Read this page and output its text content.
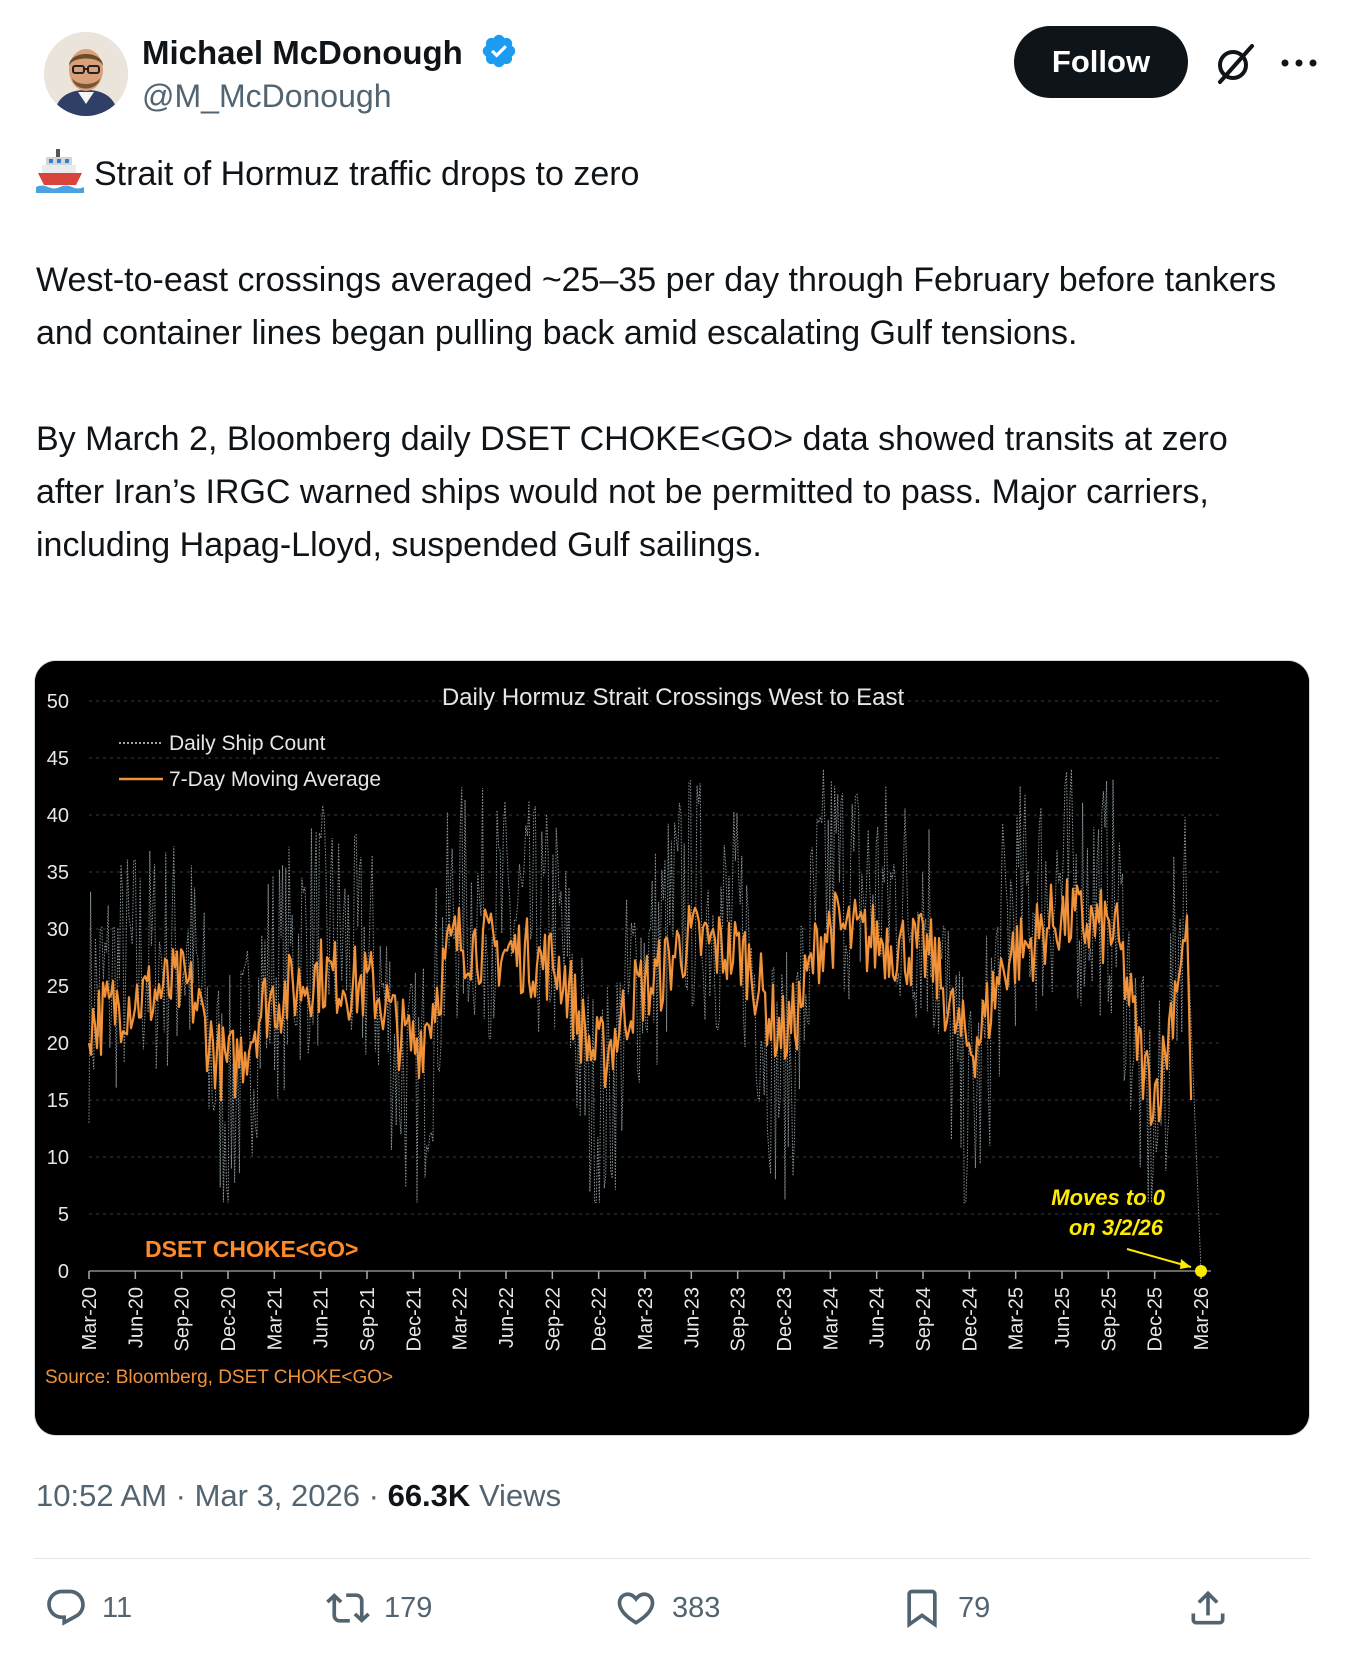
Michael McDonough
@M_McDonough
Follow

Strait of Hormuz traffic drops to zero

West-to-east crossings averaged ~25–35 per day through February before tankers and container lines began pulling back amid escalating Gulf tensions.

By March 2, Bloomberg daily DSET CHOKE<GO> data showed transits at zero after Iran’s IRGC warned ships would not be permitted to pass. Major carriers, including Hapag-Lloyd, suspended Gulf sailings.

0
5
10
15
20
25
30
35
40
45
50
Mar-20 Jun-20 Sep-20 Dec-20 Mar-21 Jun-21 Sep-21 Dec-21 Mar-22 Jun-22 Sep-22 Dec-22 Mar-23 Jun-23 Sep-23 Dec-23 Mar-24 Jun-24 Sep-24 Dec-24 Mar-25 Jun-25 Sep-25 Dec-25 Mar-26
Daily Hormuz Strait Crossings West to East
Daily Ship Count
7-Day Moving Average
DSET CHOKE<GO>
Moves to 0
on 3/2/26
Source: Bloomberg, DSET CHOKE<GO>
10:52 AM · Mar 3, 2026 · 66.3K Views
11	179	383	79
